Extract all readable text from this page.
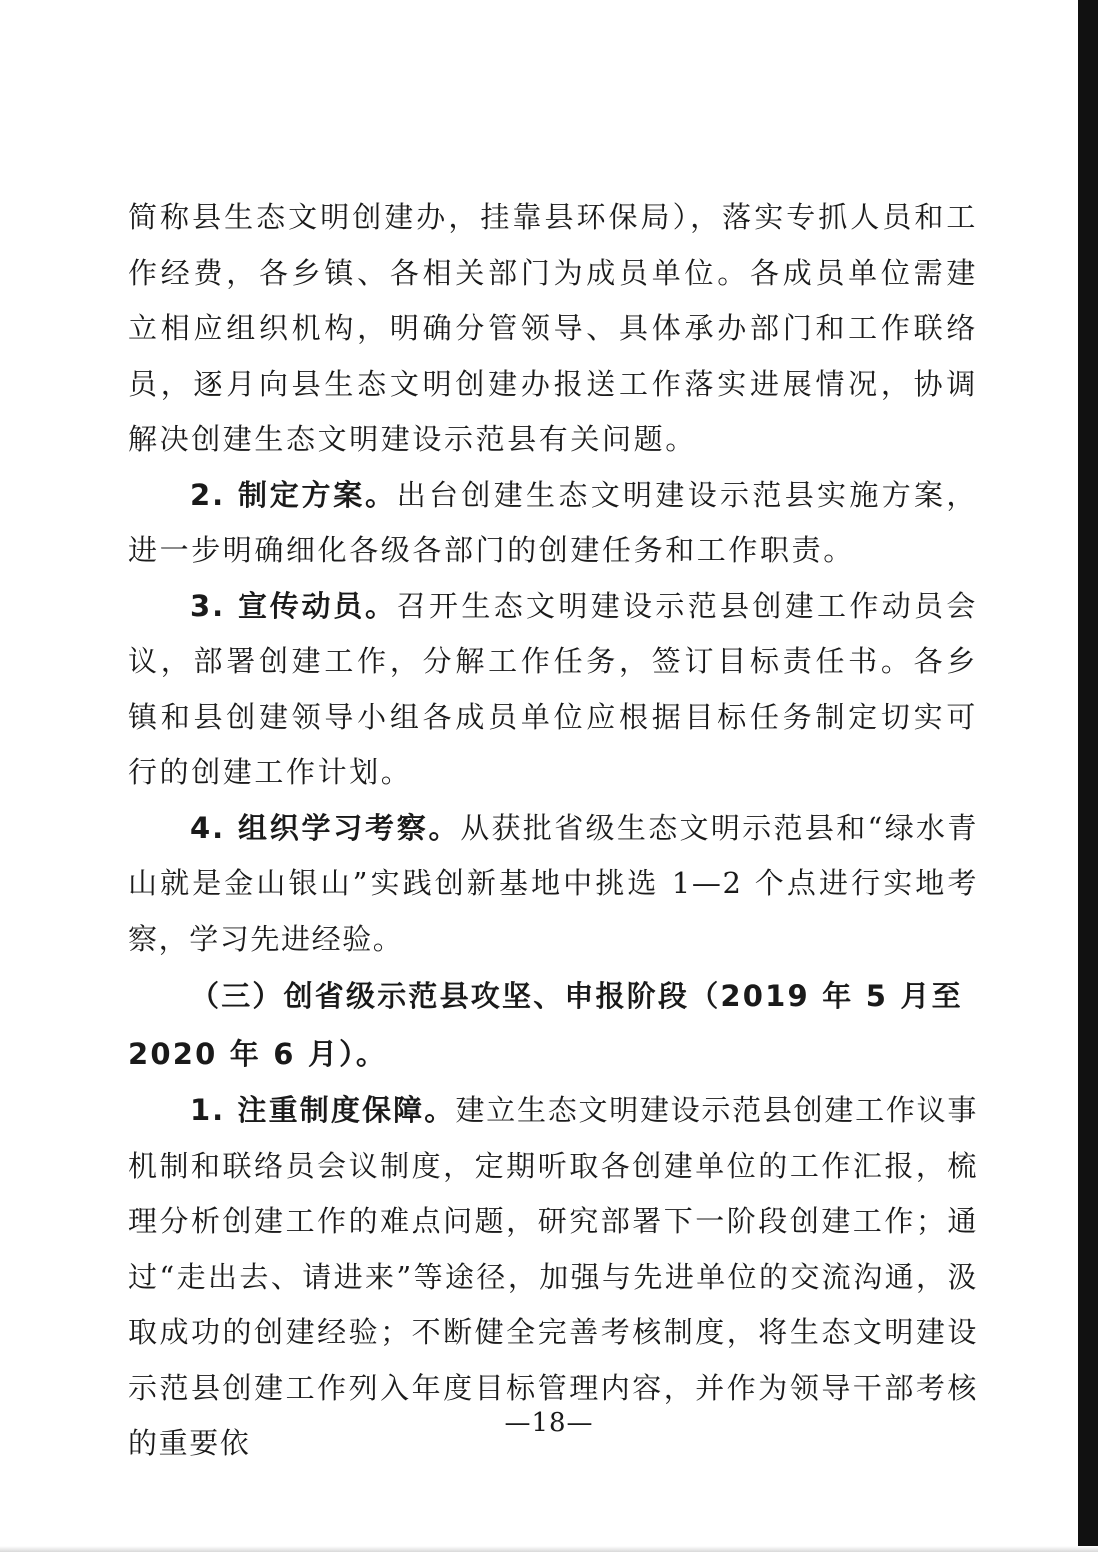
简称县生态文明创建办，挂靠县环保局），落实专抓人员和工作经费，各乡镇、各相关部门为成员单位。各成员单位需建立相应组织机构，明确分管领导、具体承办部门和工作联络员，逐月向县生态文明创建办报送工作落实进展情况，协调解决创建生态文明建设示范县有关问题。

2. 制定方案。出台创建生态文明建设示范县实施方案，进一步明确细化各级各部门的创建任务和工作职责。

3. 宣传动员。召开生态文明建设示范县创建工作动员会议，部署创建工作，分解工作任务，签订目标责任书。各乡镇和县创建领导小组各成员单位应根据目标任务制定切实可行的创建工作计划。

4. 组织学习考察。从获批省级生态文明示范县和“绿水青山就是金山银山”实践创新基地中挑选 1—2 个点进行实地考察，学习先进经验。

（三）创省级示范县攻坚、申报阶段（2019 年 5 月至 2020 年 6 月）。

1. 注重制度保障。建立生态文明建设示范县创建工作议事机制和联络员会议制度，定期听取各创建单位的工作汇报，梳理分析创建工作的难点问题，研究部署下一阶段创建工作；通过“走出去、请进来”等途径，加强与先进单位的交流沟通，汲取成功的创建经验；不断健全完善考核制度，将生态文明建设示范县创建工作列入年度目标管理内容，并作为领导干部考核的重要依

—18—
